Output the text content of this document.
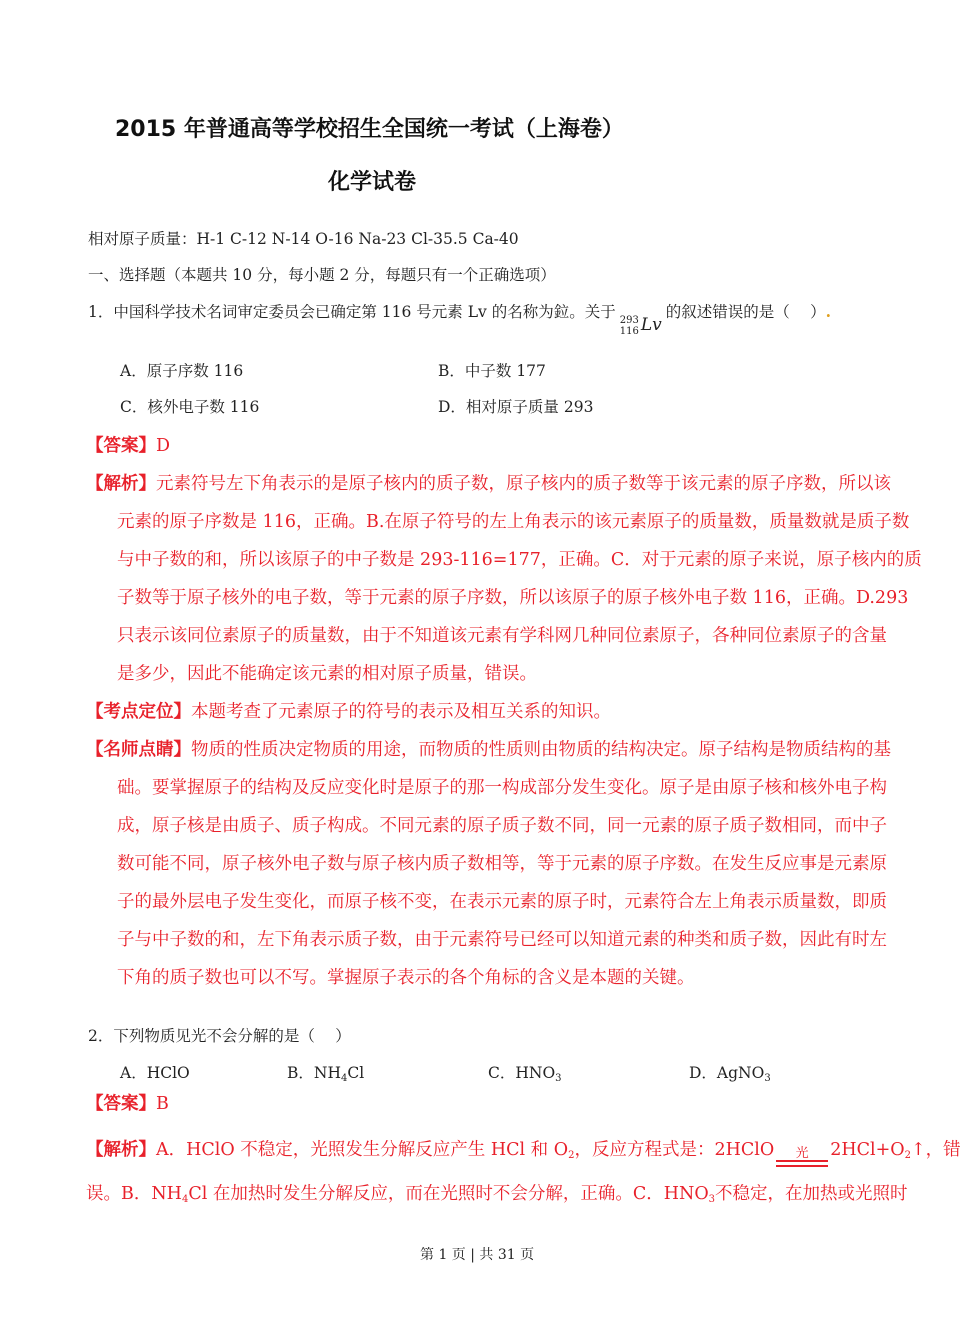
2015 年普通高等学校招生全国统一考试（上海卷）
化学试卷
相对原子质量：H-1 C-12 N-14 O-16 Na-23 Cl-35.5 Ca-40
一、选择题（本题共 10 分，每小题 2 分，每题只有一个正确选项）
1．中国科学技术名词审定委员会已确定第 116 号元素 Lv 的名称为鉝。关于 293
116 Lv
的叙述错误的是（　 ）.
A．原子序数 116	B．中子数 177
C．核外电子数 116	D．相对原子质量 293
【答案】D
【解析】元素符号左下角表示的是原子核内的质子数，原子核内的质子数等于该元素的原子序数，所以该
元素的原子序数是 116，正确。B.在原子符号的左上角表示的该元素原子的质量数，质量数就是质子数
与中子数的和，所以该原子的中子数是 293-116=177，正确。C．对于元素的原子来说，原子核内的质
子数等于原子核外的电子数，等于元素的原子序数，所以该原子的原子核外电子数 116，正确。D.293
只表示该同位素原子的质量数，由于不知道该元素有学科网几种同位素原子，各种同位素原子的含量
是多少，因此不能确定该元素的相对原子质量，错误。
【考点定位】本题考查了元素原子的符号的表示及相互关系的知识。
【名师点睛】物质的性质决定物质的用途，而物质的性质则由物质的结构决定。原子结构是物质结构的基
础。要掌握原子的结构及反应变化时是原子的那一构成部分发生变化。原子是由原子核和核外电子构
成，原子核是由质子、质子构成。不同元素的原子质子数不同，同一元素的原子质子数相同，而中子
数可能不同，原子核外电子数与原子核内质子数相等，等于元素的原子序数。在发生反应事是元素原
子的最外层电子发生变化，而原子核不变，在表示元素的原子时，元素符合左上角表示质量数，即质
子与中子数的和，左下角表示质子数，由于元素符号已经可以知道元素的种类和质子数，因此有时左
下角的质子数也可以不写。掌握原子表示的各个角标的含义是本题的关键。
2．下列物质见光不会分解的是（　 ）
A．HClO	B．$NH_4Cl$	C．$HNO_3$	D．AgNO$_3$
【答案】B
【解析】A．HClO 不稳定，光照发生分解反应产生 HCl 和 $O_2$，反应方程式是：2HClO 光 $2HCl+O_2↑$，错
误。B．$NH_4Cl$ 在加热时发生分解反应，而在光照时不会分解，正确。C．$HNO_3$不稳定，在加热或光照时
第 1 页 | 共 31 页
